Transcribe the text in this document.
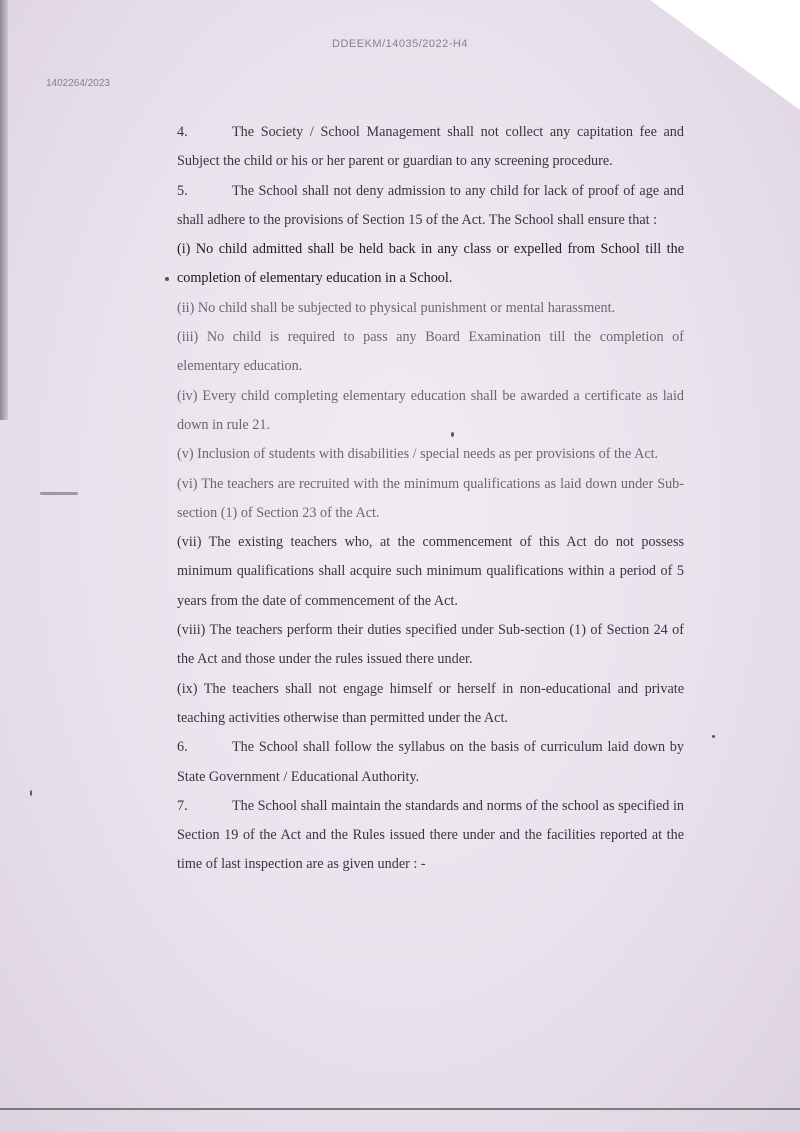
DDEEKM/14035/2022-H4
1402264/2023

4.	The Society / School Management shall not collect any capitation fee and Subject the child or his or her parent or guardian to any screening procedure.

5.	The School shall not deny admission to any child for lack of proof of age and shall adhere to the provisions of Section 15 of the Act. The School shall ensure that :

(i) No child admitted shall be held back in any class or expelled from School till the completion of elementary education in a School.

(ii) No child shall be subjected to physical punishment or mental harassment.

(iii) No child is required to pass any Board Examination till the completion of elementary education.

(iv) Every child completing elementary education shall be awarded a certificate as laid down in rule 21.

(v) Inclusion of students with disabilities / special needs as per provisions of the Act.

(vi) The teachers are recruited with the minimum qualifications as laid down under Sub-section (1) of Section 23 of the Act.

(vii) The existing teachers who, at the commencement of this Act do not possess minimum qualifications shall acquire such minimum qualifications within a period of 5 years from the date of commencement of the Act.

(viii) The teachers perform their duties specified under Sub-section (1) of Section 24 of the Act and those under the rules issued there under.

(ix) The teachers shall not engage himself or herself in non-educational and private teaching activities otherwise than permitted under the Act.

6.	The School shall follow the syllabus on the basis of curriculum laid down by State Government / Educational Authority.

7.	The School shall maintain the standards and norms of the school as specified in Section 19 of the Act and the Rules issued there under and the facilities reported at the time of last inspection are as given under : -
